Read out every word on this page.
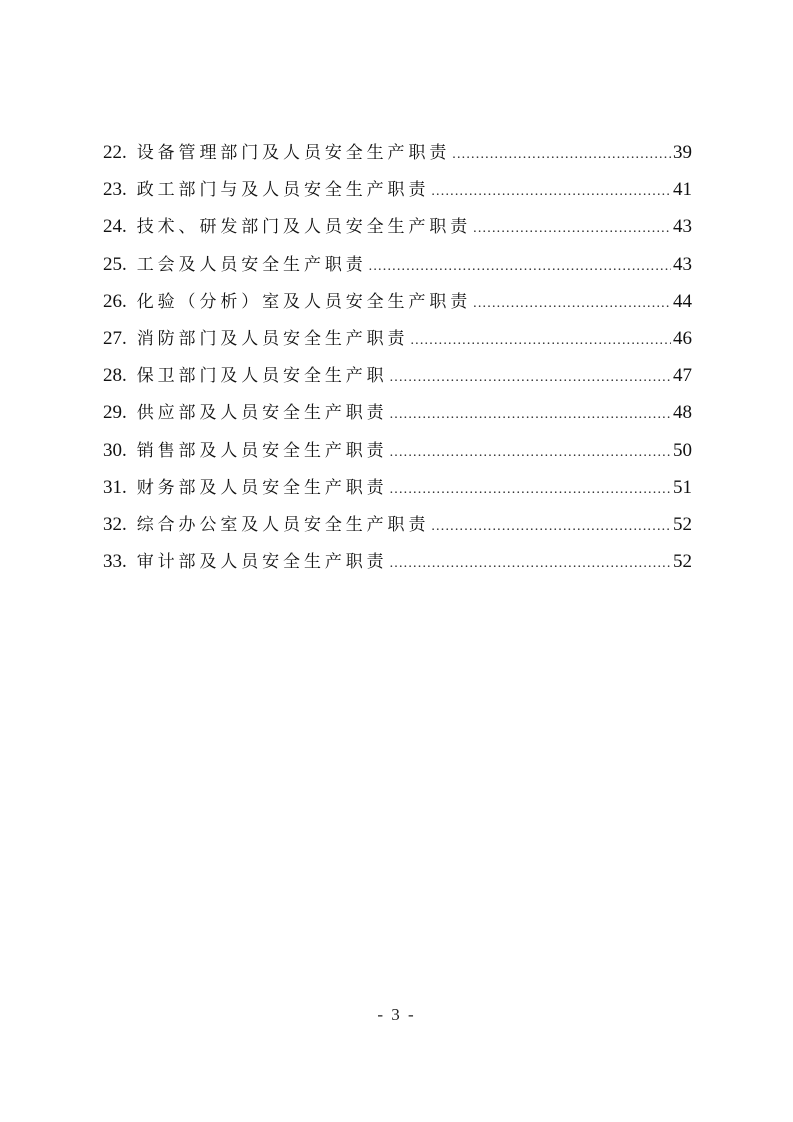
22. 设备管理部门及人员安全生产职责 .....	39
23. 政工部门与及人员安全生产职责 .....	41
24. 技术、研发部门及人员安全生产职责 .....	43
25. 工会及人员安全生产职责 .....	43
26. 化验（分析）室及人员安全生产职责 .....	44
27. 消防部门及人员安全生产职责 .....	46
28. 保卫部门及人员安全生产职 .....	47
29. 供应部及人员安全生产职责 .....	48
30. 销售部及人员安全生产职责 .....	50
31. 财务部及人员安全生产职责 .....	51
32. 综合办公室及人员安全生产职责 .....	52
33. 审计部及人员安全生产职责 .....	52
- 3 -
